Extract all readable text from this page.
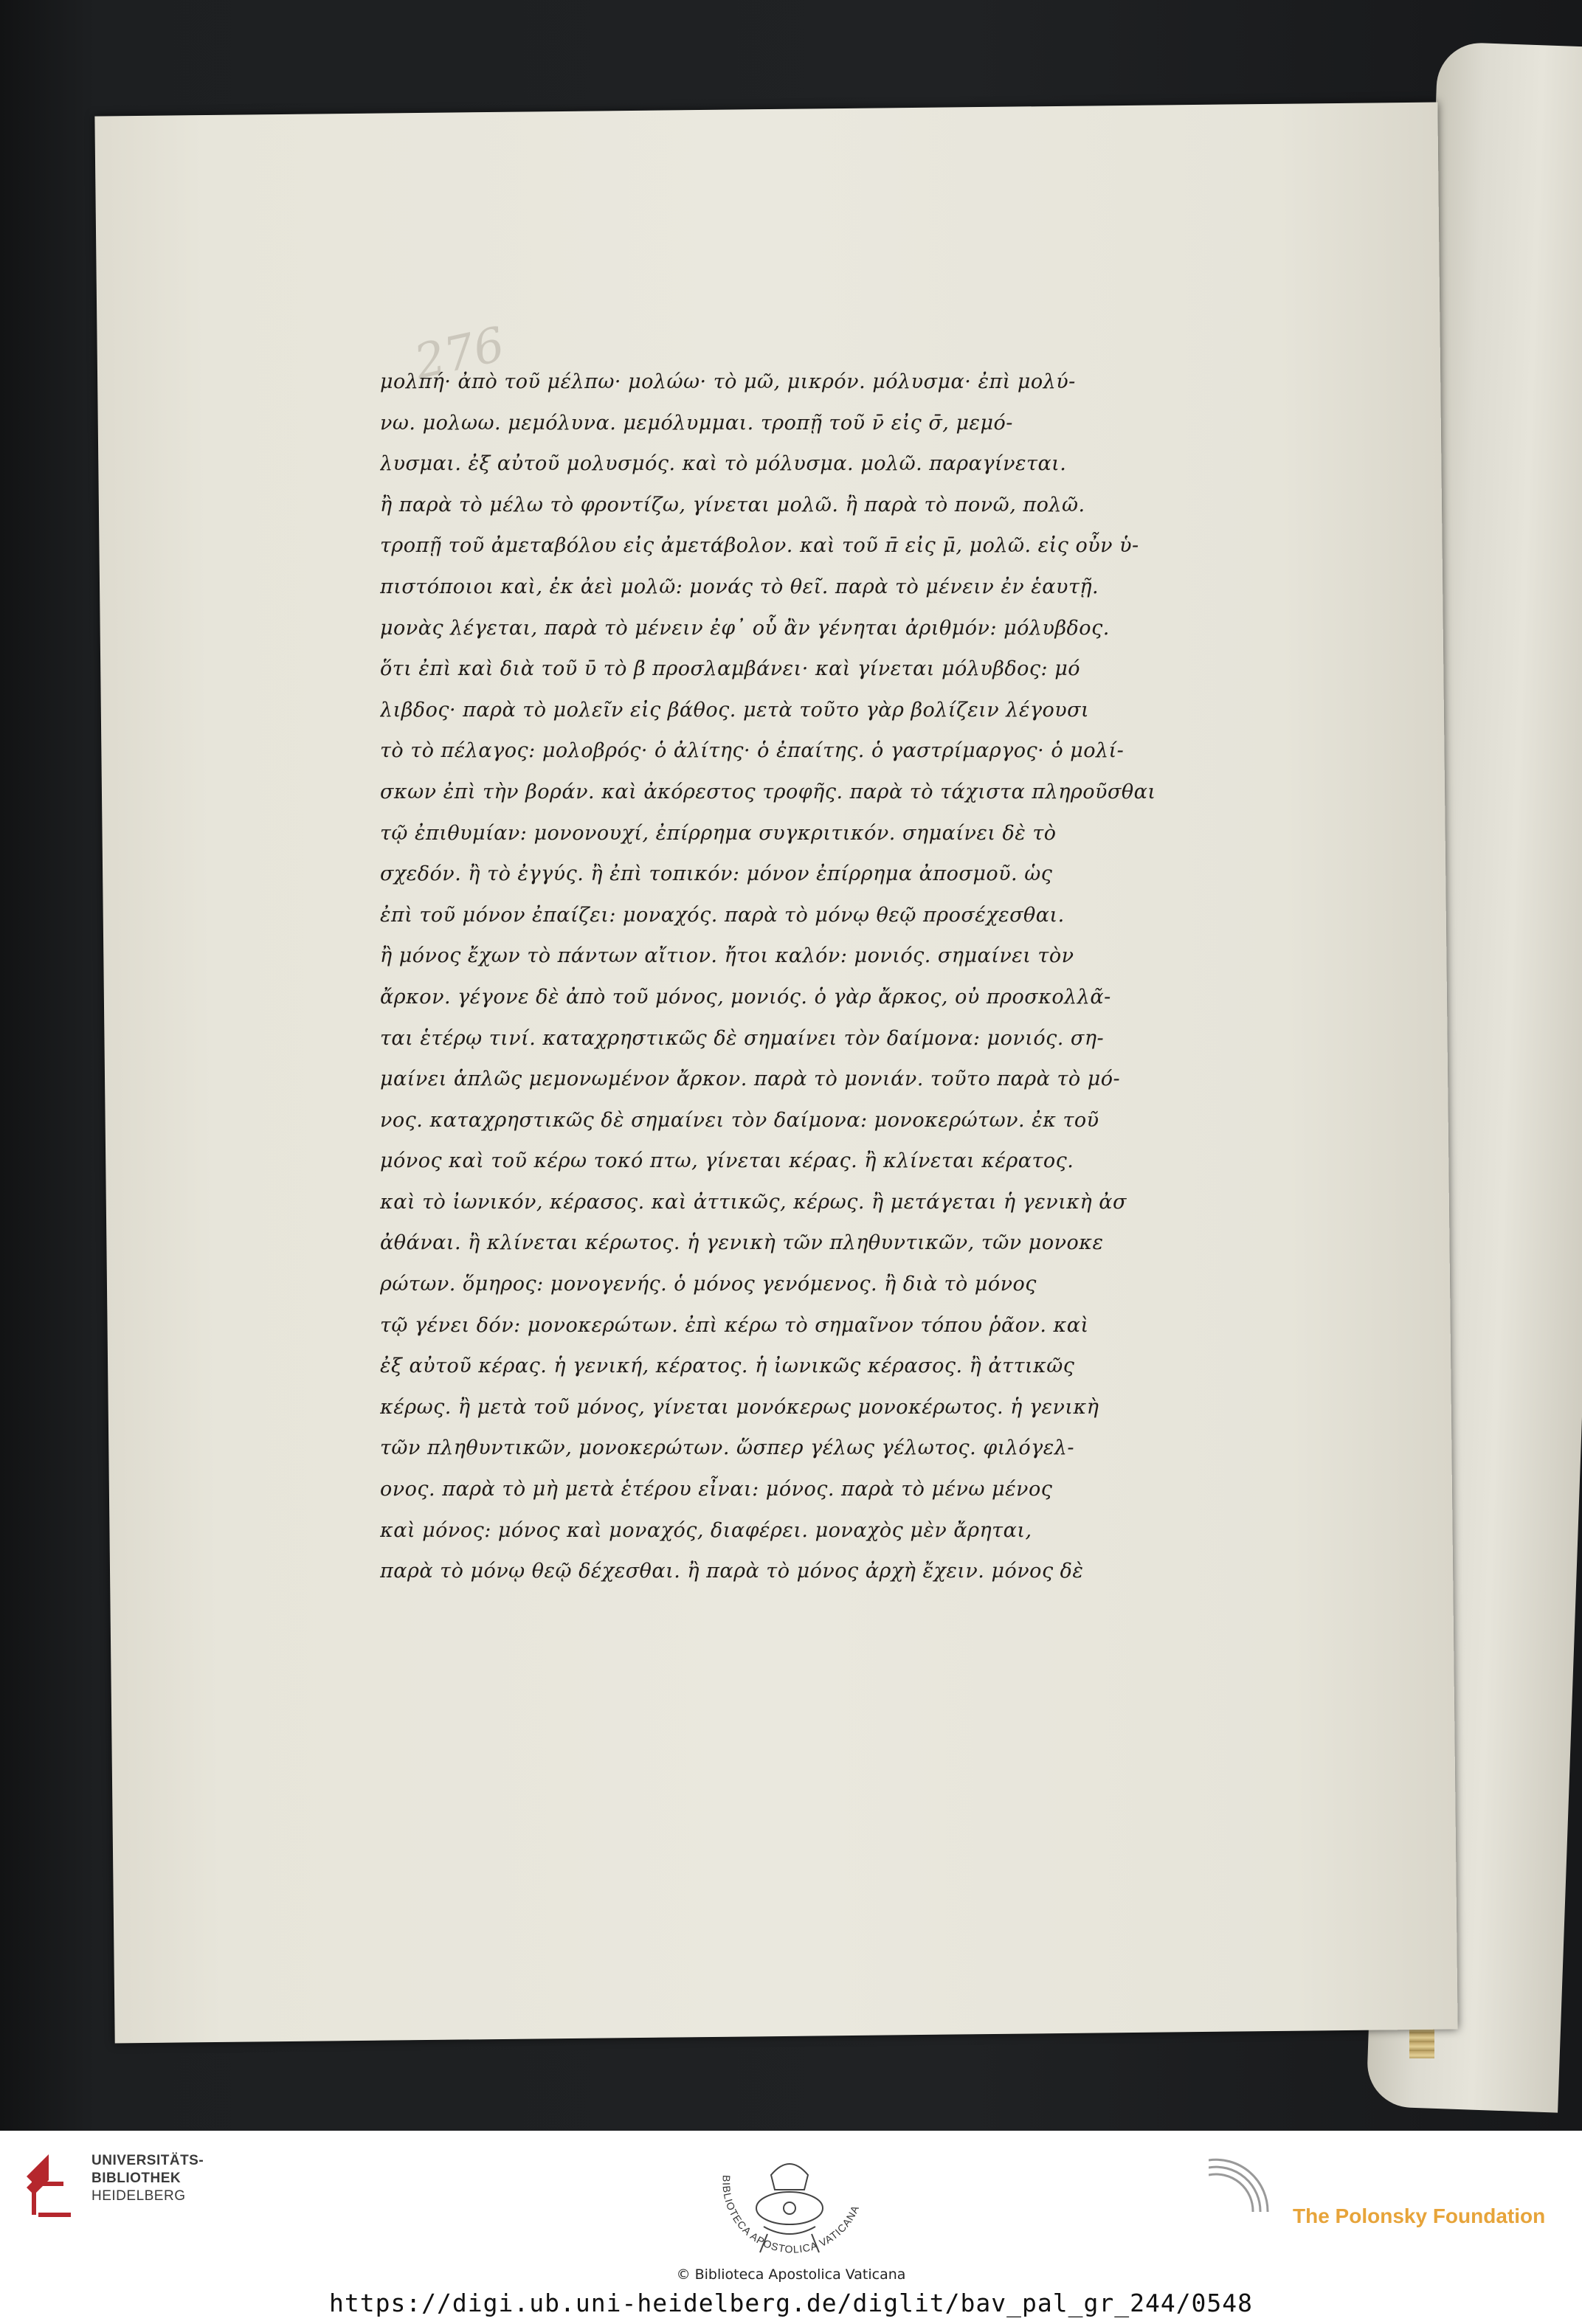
276
μολπή· ἀπὸ τοῦ μέλπω· μολώω· τὸ μῶ, μικρόν. μόλυσμα· ἐπὶ μολύ-
νω. μολωω. μεμόλυνα. μεμόλυμμαι. τροπῇ τοῦ ν̄ εἰς σ̄, μεμό-
λυσμαι. ἐξ αὐτοῦ μολυσμός. καὶ τὸ μόλυσμα. μολῶ. παραγίνεται.
ἢ παρὰ τὸ μέλω τὸ φροντίζω, γίνεται μολῶ. ἢ παρὰ τὸ πονῶ, πολῶ.
τροπῇ τοῦ ἀμεταβόλου εἰς ἀμετάβολον. καὶ τοῦ π̄ εἰς μ̄, μολῶ. εἰς οὖν ὑ-
πιστόποιοι καὶ, ἐκ ἀεὶ μολῶ: μονάς τὸ θεῖ. παρὰ τὸ μένειν ἐν ἑαυτῇ.
μονὰς λέγεται, παρὰ τὸ μένειν ἐφ᾽ οὗ ἂν γένηται ἀριθμόν: μόλυβδος.
ὅτι ἐπὶ καὶ διὰ τοῦ ῡ τὸ β̄ προσλαμβάνει· καὶ γίνεται μόλυβδος: μό
λιβδος· παρὰ τὸ μολεῖν εἰς βάθος. μετὰ τοῦτο γὰρ βολίζειν λέγουσι
τὸ τὸ πέλαγος: μολοβρός· ὁ ἀλίτης· ὁ ἐπαίτης. ὁ γαστρίμαργος· ὁ μολί-
σκων ἐπὶ τὴν βοράν. καὶ ἀκόρεστος τροφῆς. παρὰ τὸ τάχιστα πληροῦσθαι
τῷ ἐπιθυμίαν: μονονουχί, ἐπίρρημα συγκριτικόν. σημαίνει δὲ τὸ
σχεδόν. ἢ τὸ ἐγγύς. ἢ ἐπὶ τοπικόν: μόνον ἐπίρρημα ἀποσμοῦ. ὡς
ἐπὶ τοῦ μόνον ἐπαίζει: μοναχός. παρὰ τὸ μόνῳ θεῷ προσέχεσθαι.
ἢ μόνος ἔχων τὸ πάντων αἴτιον. ἤτοι καλόν: μονιός. σημαίνει τὸν
ἄρκον. γέγονε δὲ ἀπὸ τοῦ μόνος, μονιός. ὁ γὰρ ἄρκος, οὐ προσκολλᾶ-
ται ἑτέρῳ τινί. καταχρηστικῶς δὲ σημαίνει τὸν δαίμονα: μονιός. ση-
μαίνει ἁπλῶς μεμονωμένον ἄρκον. παρὰ τὸ μονιάν. τοῦτο παρὰ τὸ μό-
νος. καταχρηστικῶς δὲ σημαίνει τὸν δαίμονα: μονοκερώτων. ἐκ τοῦ
μόνος καὶ τοῦ κέρω τοκό πτω, γίνεται κέρας. ἢ κλίνεται κέρατος.
καὶ τὸ ἰωνικόν, κέρασος. καὶ ἀττικῶς, κέρως. ἢ μετάγεται ἡ γενικὴ ἀσ
ἀθάναι. ἢ κλίνεται κέρωτος. ἡ γενικὴ τῶν πληθυντικῶν, τῶν μονοκε
ρώτων. ὅμηρος: μονογενής. ὁ μόνος γενόμενος. ἢ διὰ τὸ μόνος
τῷ γένει δόν: μονοκερώτων. ἐπὶ κέρω τὸ σημαῖνον τόπου ῥᾶον. καὶ
ἐξ αὐτοῦ κέρας. ἡ γενική, κέρατος. ἡ ἰωνικῶς κέρασος. ἢ ἀττικῶς
κέρως. ἢ μετὰ τοῦ μόνος, γίνεται μονόκερως μονοκέρωτος. ἡ γενικὴ
τῶν πληθυντικῶν, μονοκερώτων. ὥσπερ γέλως γέλωτος. φιλόγελ-
ονος. παρὰ τὸ μὴ μετὰ ἑτέρου εἶναι: μόνος. παρὰ τὸ μένω μένος
καὶ μόνος: μόνος καὶ μοναχός, διαφέρει. μοναχὸς μὲν ἄρηται,
παρὰ τὸ μόνῳ θεῷ δέχεσθαι. ἢ παρὰ τὸ μόνος ἀρχὴ ἔχειν. μόνος δὲ
UNIVERSITÄTS-
BIBLIOTHEK
HEIDELBERG
BIBLIOTECA APOSTOLICA VATICANA	The Polonsky Foundation
© Biblioteca Apostolica Vaticana
https://digi.ub.uni-heidelberg.de/diglit/bav_pal_gr_244/0548
